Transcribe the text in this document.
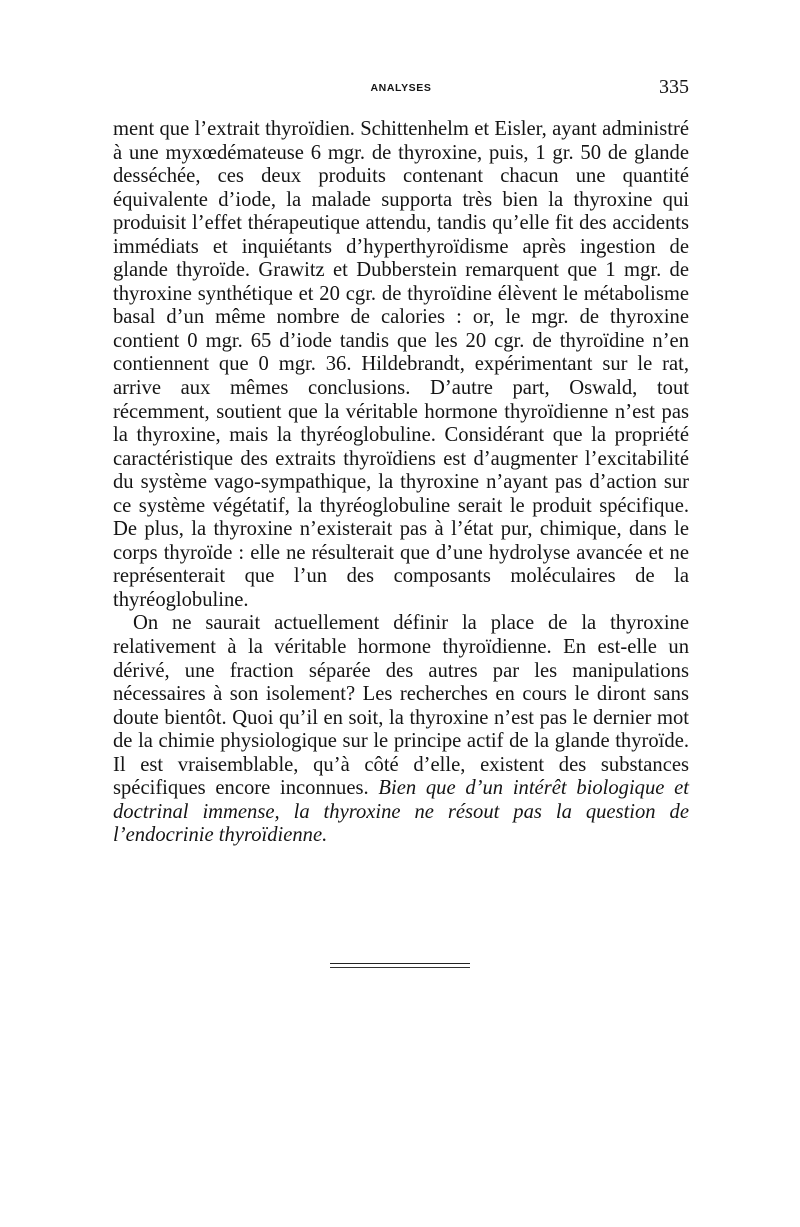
ANALYSES	335

ment que l’extrait thyroïdien. Schittenhelm et Eisler, ayant administré à une myxœdémateuse 6 mgr. de thyroxine, puis, 1 gr. 50 de glande desséchée, ces deux produits contenant chacun une quantité équivalente d’iode, la malade supporta très bien la thyroxine qui produisit l’effet thérapeutique attendu, tandis qu’elle fit des accidents immédiats et inquiétants d’hyperthyroïdisme après ingestion de glande thyroïde. Grawitz et Dubberstein remarquent que 1 mgr. de thyroxine synthétique et 20 cgr. de thyroïdine élèvent le métabolisme basal d’un même nombre de calories : or, le mgr. de thyroxine contient 0 mgr. 65 d’iode tandis que les 20 cgr. de thyroïdine n’en contiennent que 0 mgr. 36. Hildebrandt, expérimentant sur le rat, arrive aux mêmes conclusions. D’autre part, Oswald, tout récemment, soutient que la véritable hormone thyroïdienne n’est pas la thyroxine, mais la thyréoglobuline. Considérant que la propriété caractéristique des extraits thyroïdiens est d’augmenter l’excitabilité du système vago-sympathique, la thyroxine n’ayant pas d’action sur ce système végétatif, la thyréoglobuline serait le produit spécifique. De plus, la thyroxine n’existerait pas à l’état pur, chimique, dans le corps thyroïde : elle ne résulterait que d’une hydrolyse avancée et ne représenterait que l’un des composants moléculaires de la thyréoglobuline.

On ne saurait actuellement définir la place de la thyroxine relativement à la véritable hormone thyroïdienne. En est-elle un dérivé, une fraction séparée des autres par les manipulations nécessaires à son isolement? Les recherches en cours le diront sans doute bientôt. Quoi qu’il en soit, la thyroxine n’est pas le dernier mot de la chimie physiologique sur le principe actif de la glande thyroïde. Il est vraisemblable, qu’à côté d’elle, existent des substances spécifiques encore inconnues. Bien que d’un intérêt biologique et doctrinal immense, la thyroxine ne résout pas la question de l’endocrinie thyroïdienne.
